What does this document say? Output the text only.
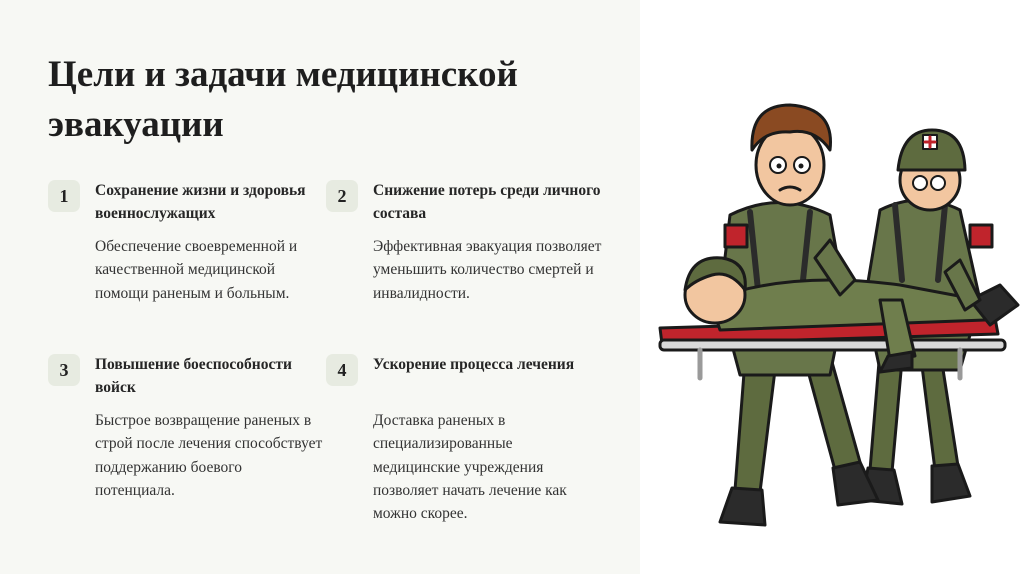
Цели и задачи медицинской эвакуации
1	Сохранение жизни и здоровья военнослужащих
Обеспечение своевременной и качественной медицинской помощи раненым и больным.
2	Снижение потерь среди личного состава
Эффективная эвакуация позволяет уменьшить количество смертей и инвалидности.
3	Повышение боеспособности войск
Быстрое возвращение раненых в строй после лечения способствует поддержанию боевого потенциала.
4	Ускорение процесса лечения
Доставка раненых в специализированные медицинские учреждения позволяет начать лечение как можно скорее.
